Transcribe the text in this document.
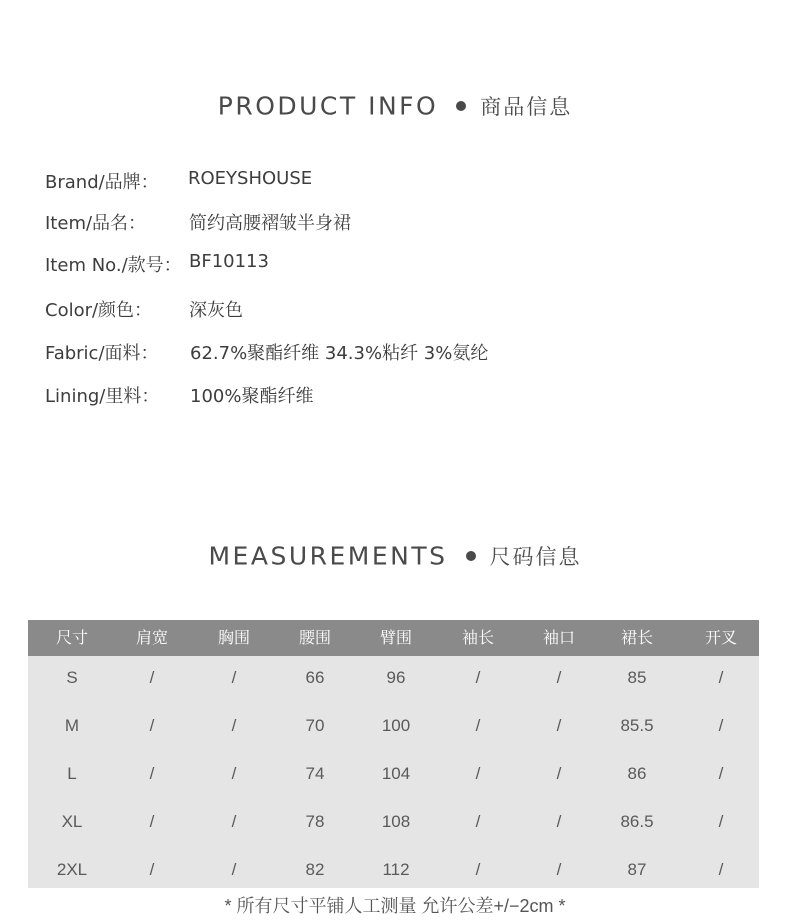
PRODUCT INFO 商品信息
Brand/品牌： ROEYSHOUSE
Item/品名： 简约高腰褶皱半身裙
Item No./款号： BF10113
Color/颜色： 深灰色
Fabric/面料： 62.7%聚酯纤维 34.3%粘纤 3%氨纶
Lining/里料： 100%聚酯纤维
MEASUREMENTS 尺码信息
尺寸	肩宽	胸围	腰围	臂围	袖长	袖口	裙长	开叉
S	/	/	66	96	/	/	85	/
M	/	/	70	100	/	/	85.5	/
L	/	/	74	104	/	/	86	/
XL	/	/	78	108	/	/	86.5	/
2XL	/	/	82	112	/	/	87	/
* 所有尺寸平铺人工测量 允许公差+/−2cm *
